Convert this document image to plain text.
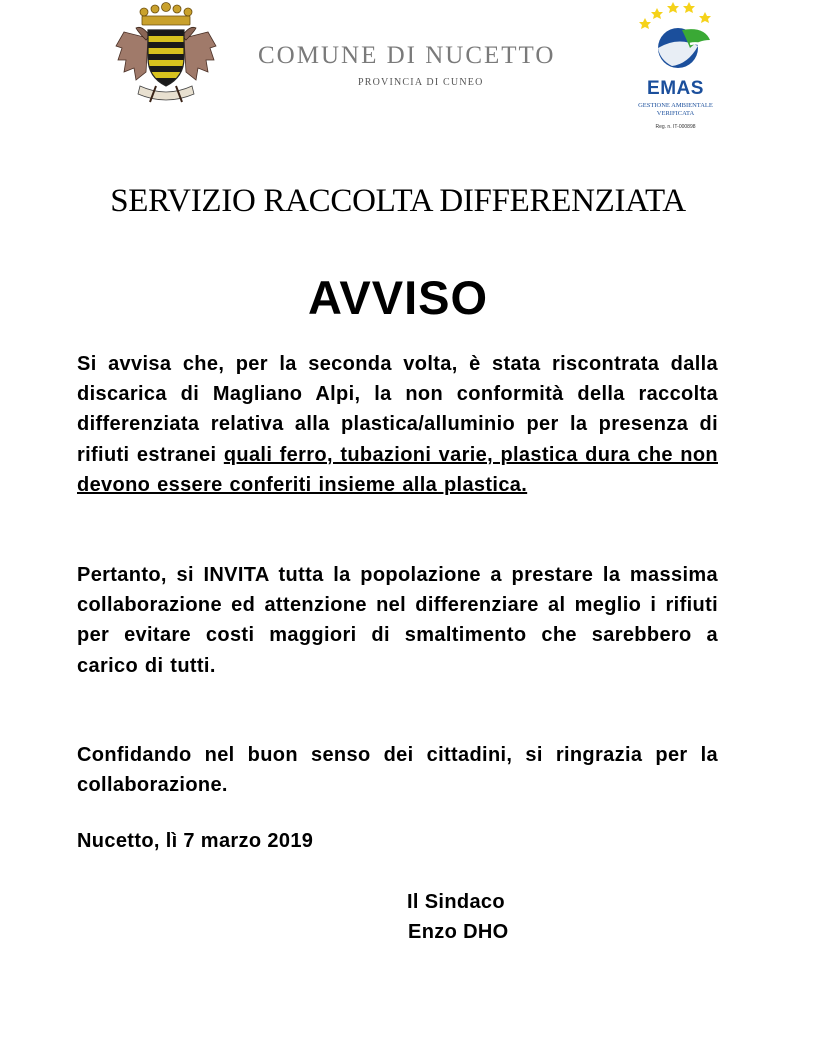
COMUNE DI NUCETTO
PROVINCIA DI CUNEO	EMAS
GESTIONE AMBIENTALE
VERIFICATA
Reg. n. IT-000898
SERVIZIO RACCOLTA DIFFERENZIATA
AVVISO
Si avvisa che, per la seconda volta, è stata riscontrata dalla discarica di Magliano Alpi, la non conformità della raccolta differenziata relativa alla plastica/alluminio per la presenza di rifiuti estranei quali ferro, tubazioni varie, plastica dura che non devono essere conferiti insieme alla plastica.
Pertanto, si INVITA tutta la popolazione a prestare la massima collaborazione ed attenzione nel differenziare al meglio i rifiuti per evitare costi maggiori di smaltimento che sarebbero a carico di tutti.
Confidando nel buon senso dei cittadini, si ringrazia per la collaborazione.
Nucetto, lì 7 marzo 2019
Il Sindaco
Enzo DHO
